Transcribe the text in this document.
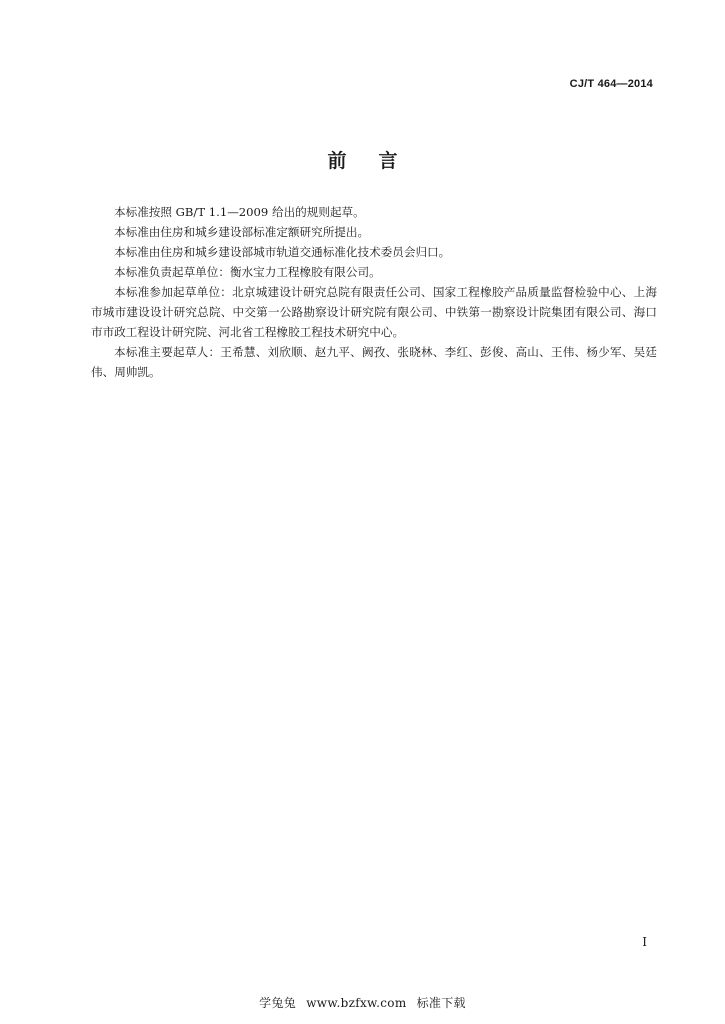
CJ/T 464—2014
前言

本标准按照 GB/T 1.1—2009 给出的规则起草。

本标准由住房和城乡建设部标准定额研究所提出。

本标准由住房和城乡建设部城市轨道交通标准化技术委员会归口。

本标准负责起草单位：衡水宝力工程橡胶有限公司。

本标准参加起草单位：北京城建设计研究总院有限责任公司、国家工程橡胶产品质量监督检验中心、上海市城市建设设计研究总院、中交第一公路勘察设计研究院有限公司、中铁第一勘察设计院集团有限公司、海口市市政工程设计研究院、河北省工程橡胶工程技术研究中心。

本标准主要起草人：王希慧、刘欣顺、赵九平、阙孜、张晓林、李红、彭俊、高山、王伟、杨少军、吴廷伟、周帅凯。

I
学兔兔 www.bzfxw.com 标准下载
